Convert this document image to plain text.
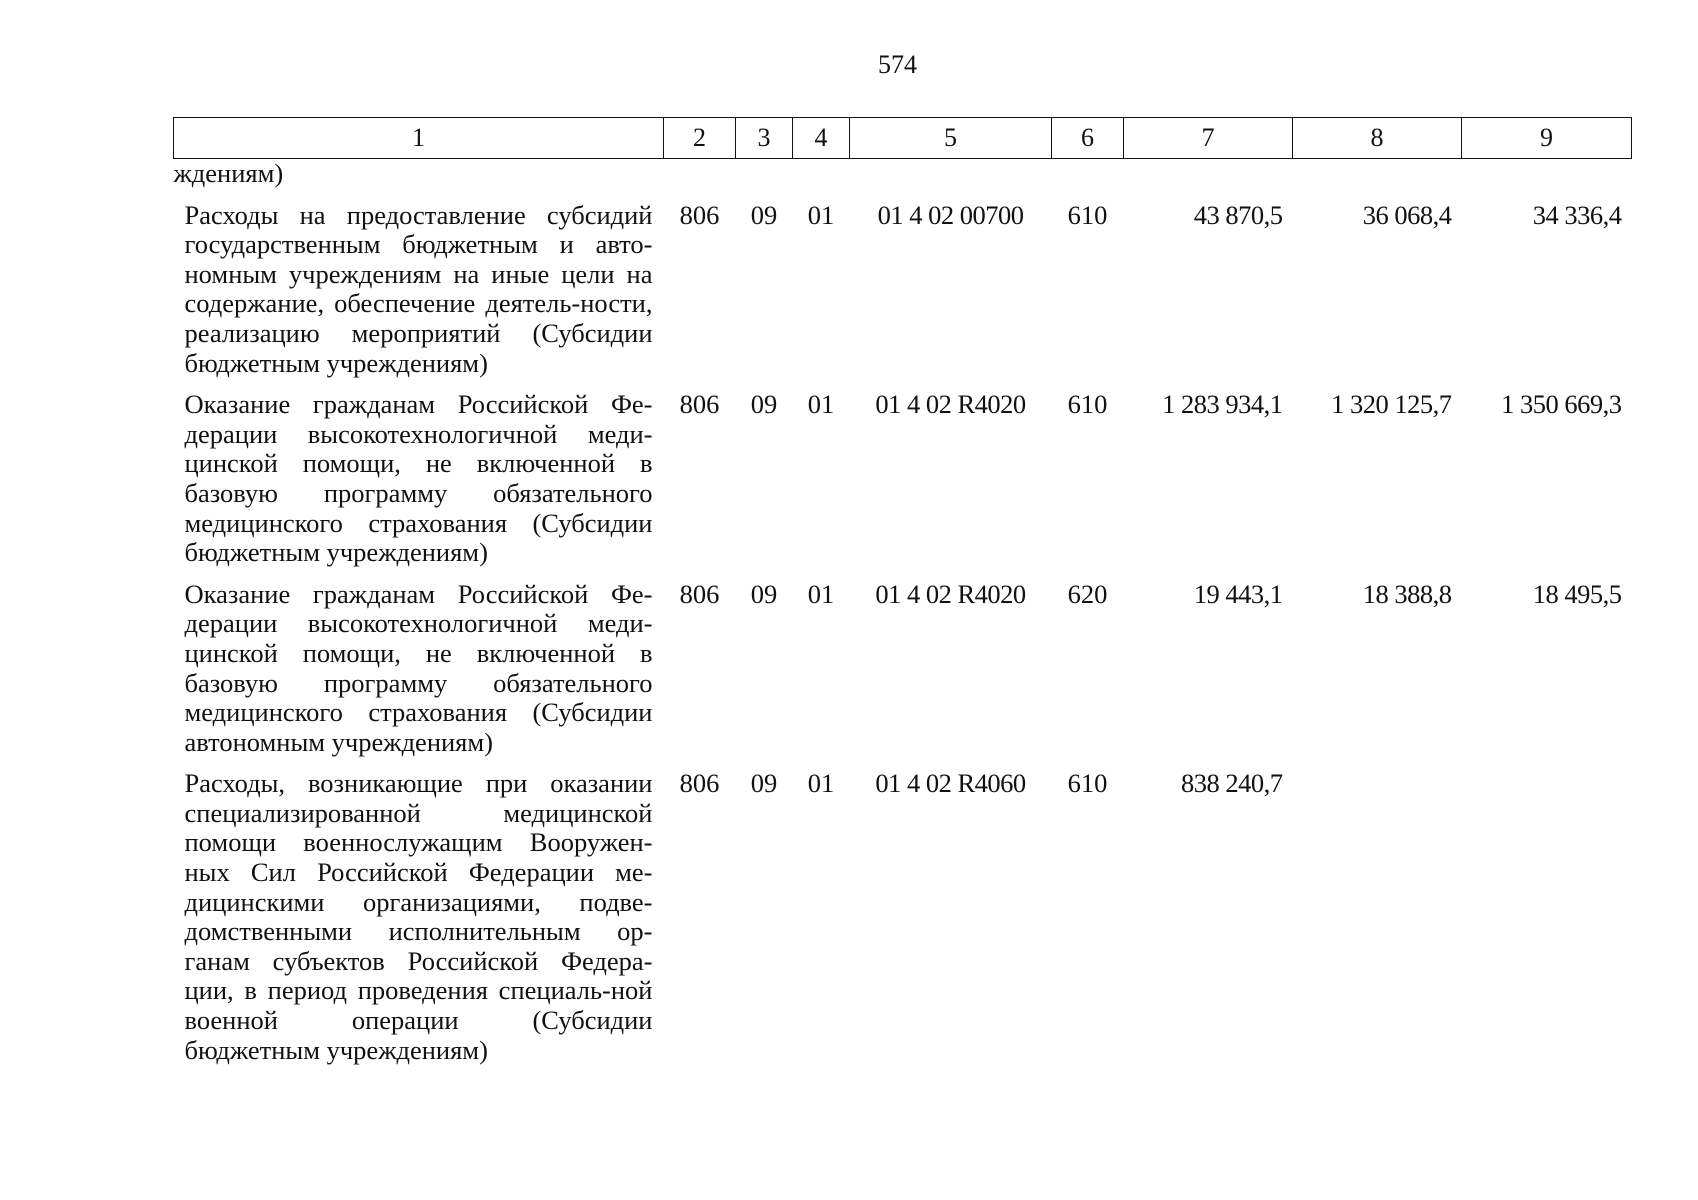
574
1	2	3	4	5	6	7	8	9
ждениям)								
Расходы на предоставление субсидий государственным бюджетным и авто-номным учреждениям на иные цели на содержание, обеспечение деятель-ности, реализацию мероприятий (Субсидии бюджетным учреждениям)	806	09	01	01 4 02 00700	610	43 870,5	36 068,4	34 336,4
Оказание гражданам Российской Фе-дерации высокотехнологичной меди-цинской помощи, не включенной в базовую программу обязательного медицинского страхования (Субсидии бюджетным учреждениям)	806	09	01	01 4 02 R4020	610	1 283 934,1	1 320 125,7	1 350 669,3
Оказание гражданам Российской Фе-дерации высокотехнологичной меди-цинской помощи, не включенной в базовую программу обязательного медицинского страхования (Субсидии автономным учреждениям)	806	09	01	01 4 02 R4020	620	19 443,1	18 388,8	18 495,5
Расходы, возникающие при оказании специализированной медицинской помощи военнослужащим Вооружен-ных Сил Российской Федерации ме-дицинскими организациями, подве-домственными исполнительным ор-ганам субъектов Российской Федера-ции, в период проведения специаль-ной военной операции (Субсидии бюджетным учреждениям)	806	09	01	01 4 02 R4060	610	838 240,7		
